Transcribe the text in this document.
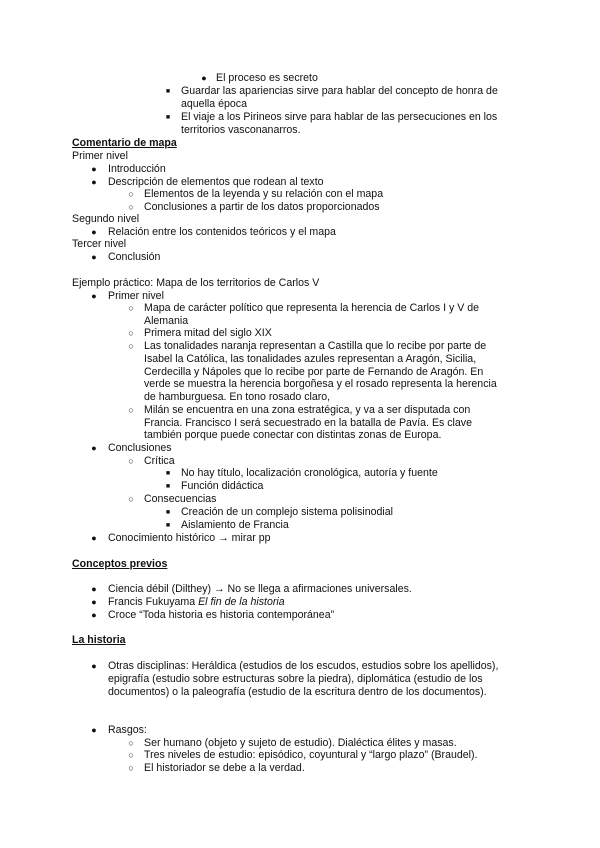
● El proceso es secreto
■ Guardar las apariencias sirve para hablar del concepto de honra de
aquella época
■ El viaje a los Pirineos sirve para hablar de las persecuciones en los
territorios vasconanarros.
Comentario de mapa
Primer nivel
● Introducción
● Descripción de elementos que rodean al texto
○ Elementos de la leyenda y su relación con el mapa
○ Conclusiones a partir de los datos proporcionados
Segundo nivel
● Relación entre los contenidos teóricos y el mapa
Tercer nivel
● Conclusión
Ejemplo práctico: Mapa de los territorios de Carlos V
● Primer nivel
○ Mapa de carácter político que representa la herencia de Carlos I y V de
Alemania
○ Primera mitad del siglo XIX
○ Las tonalidades naranja representan a Castilla que lo recibe por parte de
Isabel la Católica, las tonalidades azules representan a Aragón, Sicilia,
Cerdecilla y Nápoles que lo recibe por parte de Fernando de Aragón. En
verde se muestra la herencia borgoñesa y el rosado representa la herencia
de hamburguesa. En tono rosado claro,
○ Milán se encuentra en una zona estratégica, y va a ser disputada con
Francia. Francisco I será secuestrado en la batalla de Pavía. Es clave
también porque puede conectar con distintas zonas de Europa.
● Conclusiones
○ Crítica
■ No hay título, localización cronológica, autoría y fuente
■ Función didáctica
○ Consecuencias
■ Creación de un complejo sistema polisinodial
■ Aislamiento de Francia
● Conocimiento histórico → mirar pp
Conceptos previos
● Ciencia débil (Dilthey) → No se llega a afirmaciones universales.
● Francis Fukuyama El fin de la historia
● Croce “Toda historia es historia contemporánea”
La historia
● Otras disciplinas: Heráldica (estudios de los escudos, estudios sobre los apellidos),
epigrafía (estudio sobre estructuras sobre la piedra), diplomática (estudio de los
documentos) o la paleografía (estudio de la escritura dentro de los documentos).
● Rasgos:
○ Ser humano (objeto y sujeto de estudio). Dialéctica élites y masas.
○ Tres niveles de estudio: episódico, coyuntural y “largo plazo” (Braudel).
○ El historiador se debe a la verdad.
